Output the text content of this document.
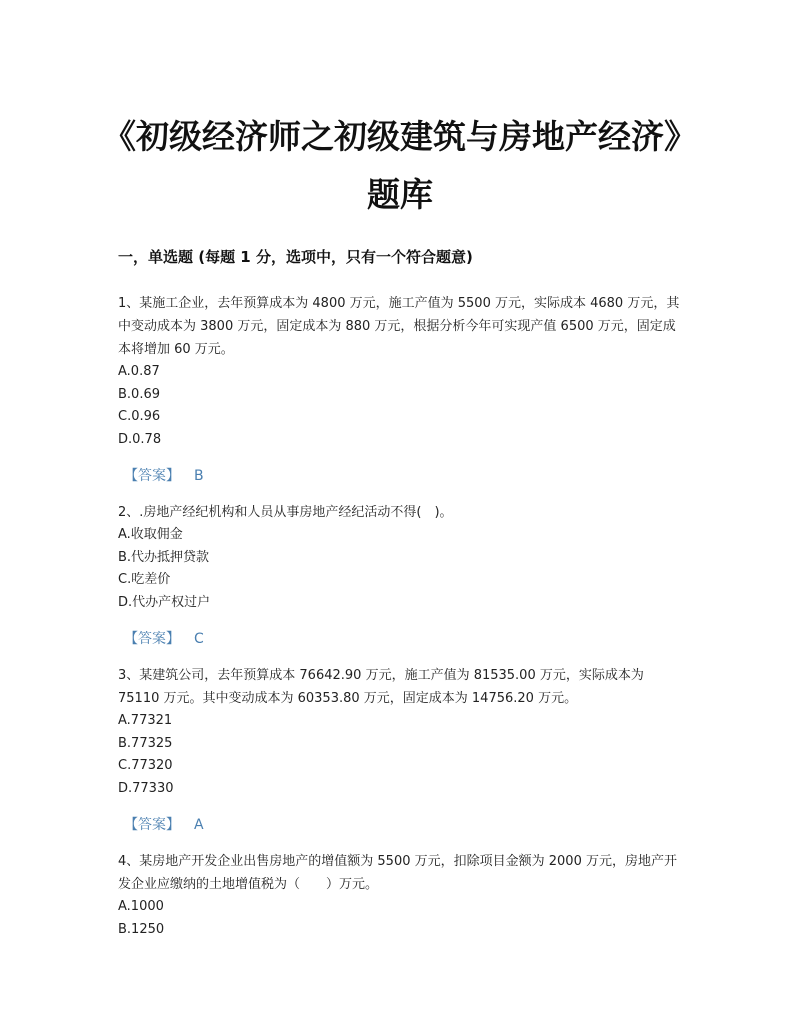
《初级经济师之初级建筑与房地产经济》题库
一，单选题 (每题 1 分，选项中，只有一个符合题意)

1、某施工企业，去年预算成本为 4800 万元，施工产值为 5500 万元，实际成本 4680 万元，其中变动成本为 3800 万元，固定成本为 880 万元，根据分析今年可实现产值 6500 万元，固定成本将增加 60 万元。

A.0.87

B.0.69

C.0.96

D.0.78

【答案】 B

2、.房地产经纪机构和人员从事房地产经纪活动不得(　)。

A.收取佣金

B.代办抵押贷款

C.吃差价

D.代办产权过户

【答案】 C

3、某建筑公司，去年预算成本 76642.90 万元，施工产值为 81535.00 万元，实际成本为 75110 万元。其中变动成本为 60353.80 万元，固定成本为 14756.20 万元。

A.77321

B.77325

C.77320

D.77330

【答案】 A

4、某房地产开发企业出售房地产的增值额为 5500 万元，扣除项目金额为 2000 万元，房地产开发企业应缴纳的土地增值税为（　　）万元。

A.1000

B.1250
